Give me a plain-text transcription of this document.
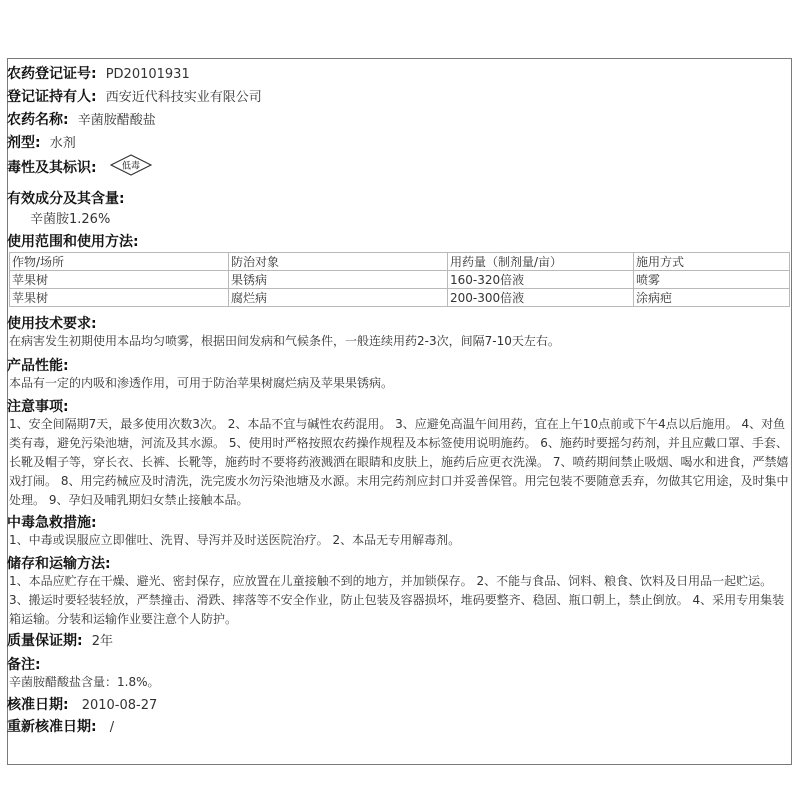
农药登记证号: PD20101931
登记证持有人: 西安近代科技实业有限公司
农药名称: 辛菌胺醋酸盐
剂型: 水剂
毒性及其标识:	低毒
有效成分及其含量:
辛菌胺1.26%
使用范围和使用方法:
作物/场所	防治对象	用药量（制剂量/亩）	施用方式
苹果树	果锈病	160-320倍液	喷雾
苹果树	腐烂病	200-300倍液	涂病疤
使用技术要求:
在病害发生初期使用本品均匀喷雾，根据田间发病和气候条件，一般连续用药2-3次，间隔7-10天左右。
产品性能:
本品有一定的内吸和渗透作用，可用于防治苹果树腐烂病及苹果果锈病。
注意事项:
1、安全间隔期7天，最多使用次数3次。 2、本品不宜与碱性农药混用。 3、应避免高温午间用药，宜在上午10点前或下午4点以后施用。 4、对鱼类有毒，避免污染池塘，河流及其水源。 5、使用时严格按照农药操作规程及本标签使用说明施药。 6、施药时要摇匀药剂，并且应戴口罩、手套、长靴及帽子等，穿长衣、长裤、长靴等，施药时不要将药液溅洒在眼睛和皮肤上，施药后应更衣洗澡。 7、喷药期间禁止吸烟、喝水和进食，严禁嬉戏打闹。 8、用完药械应及时清洗，洗完废水勿污染池塘及水源。末用完药剂应封口并妥善保管。用完包装不要随意丢弃，勿做其它用途，及时集中处理。 9、孕妇及哺乳期妇女禁止接触本品。
中毒急救措施:
1、中毒或误服应立即催吐、洗胃、导泻并及时送医院治疗。 2、本品无专用解毒剂。
储存和运输方法:
1、本品应贮存在干燥、避光、密封保存，应放置在儿童接触不到的地方，并加锁保存。 2、不能与食品、饲料、粮食、饮料及日用品一起贮运。 3、搬运时要轻装轻放，严禁撞击、滑跌、摔落等不安全作业，防止包装及容器损坏，堆码要整齐、稳固、瓶口朝上，禁止倒放。 4、采用专用集装箱运输。分装和运输作业要注意个人防护。
质量保证期: 2年
备注:
辛菌胺醋酸盐含量：1.8%。
核准日期: 2010-08-27
重新核准日期: /
